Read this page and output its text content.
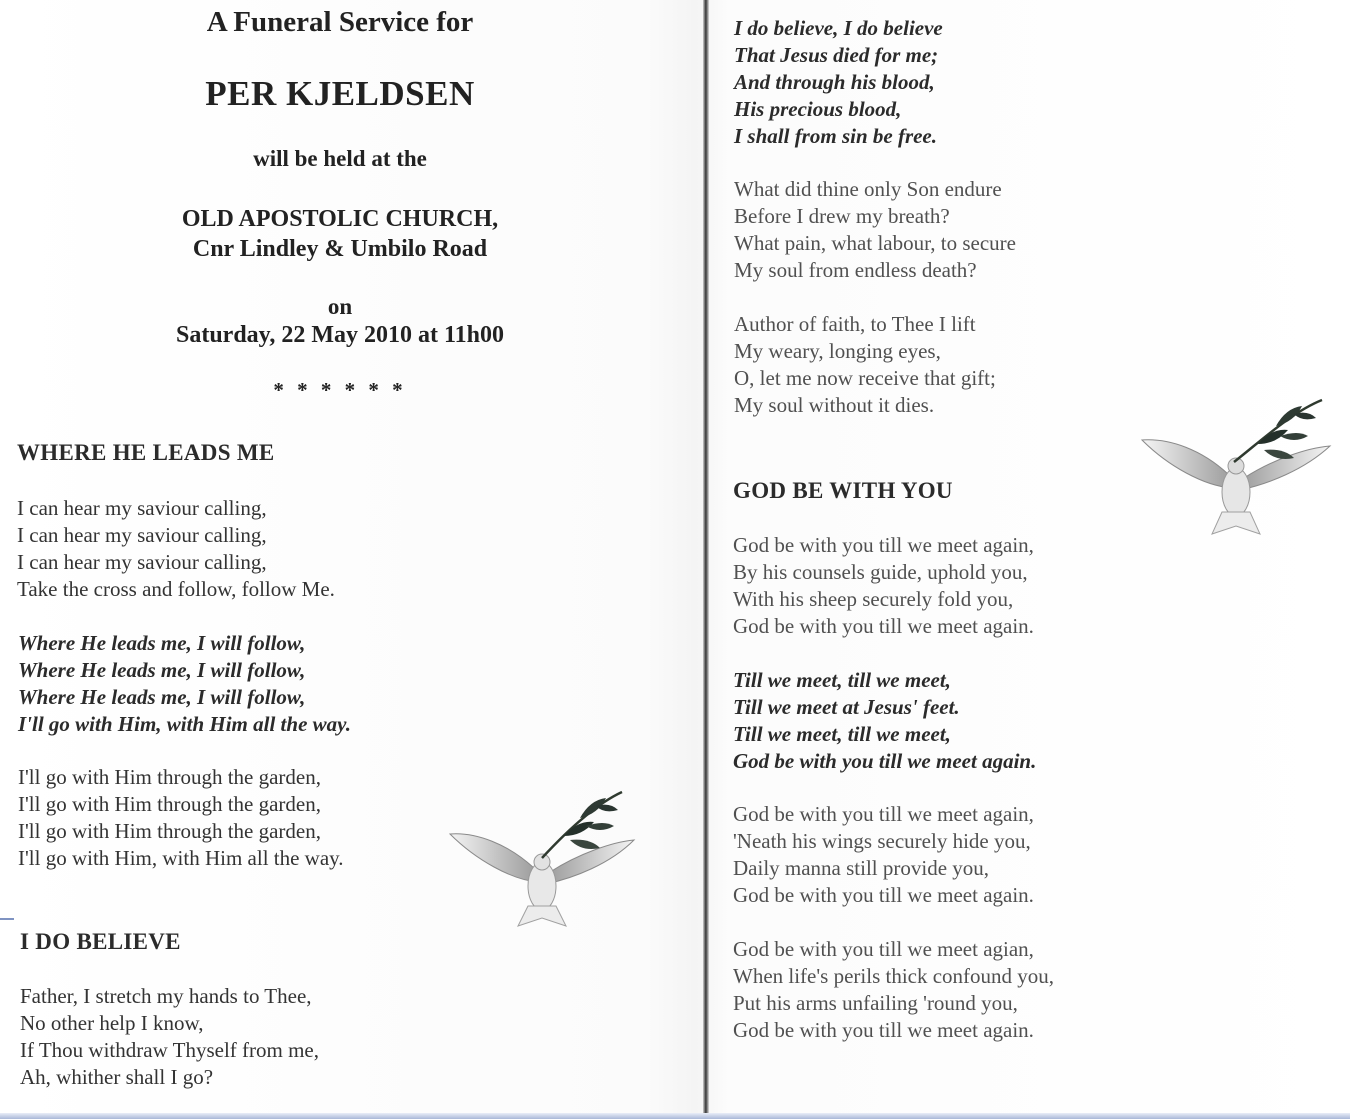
A Funeral Service for
PER KJELDSEN
will be held at the
OLD APOSTOLIC CHURCH,
Cnr Lindley & Umbilo Road
on
Saturday, 22 May 2010 at 11h00
* * * * * *
WHERE HE LEADS ME
I can hear my saviour calling,
I can hear my saviour calling,
I can hear my saviour calling,
Take the cross and follow, follow Me.
Where He leads me, I will follow,
Where He leads me, I will follow,
Where He leads me, I will follow,
I'll go with Him, with Him all the way.
I'll go with Him through the garden,
I'll go with Him through the garden,
I'll go with Him through the garden,
I'll go with Him, with Him all the way.
I DO BELIEVE
Father, I stretch my hands to Thee,
No other help I know,
If Thou withdraw Thyself from me,
Ah, whither shall I go?
I do believe, I do believe
That Jesus died for me;
And through his blood,
His precious blood,
I shall from sin be free.
What did thine only Son endure
Before I drew my breath?
What pain, what labour, to secure
My soul from endless death?
Author of faith, to Thee I lift
My weary, longing eyes,
O, let me now receive that gift;
My soul without it dies.
GOD BE WITH YOU
God be with you till we meet again,
By his counsels guide, uphold you,
With his sheep securely fold you,
God be with you till we meet again.
Till we meet, till we meet,
Till we meet at Jesus' feet.
Till we meet, till we meet,
God be with you till we meet again.
God be with you till we meet again,
'Neath his wings securely hide you,
Daily manna still provide you,
God be with you till we meet again.
God be with you till we meet agian,
When life's perils thick confound you,
Put his arms unfailing 'round you,
God be with you till we meet again.
